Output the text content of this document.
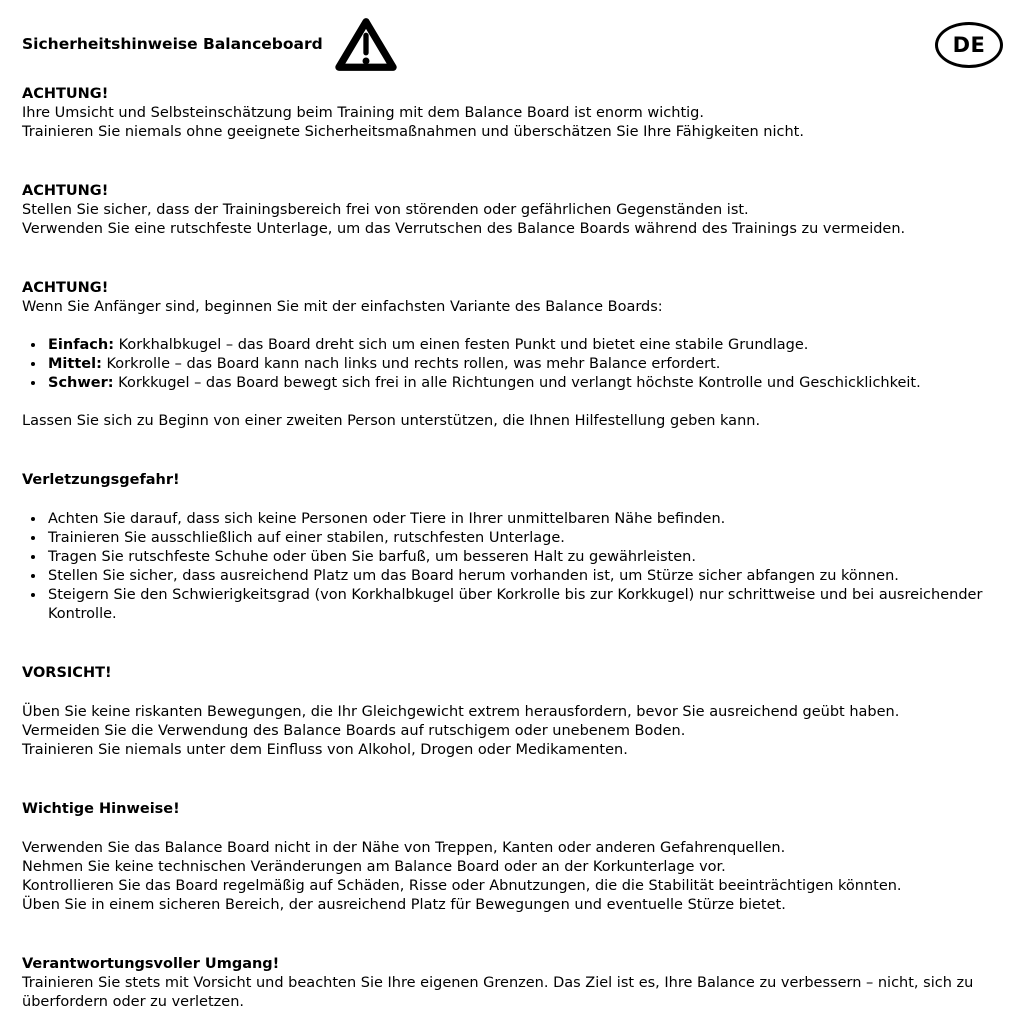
Sicherheitshinweise Balanceboard	DE
ACHTUNG!

Ihre Umsicht und Selbsteinschätzung beim Training mit dem Balance Board ist enorm wichtig.

Trainieren Sie niemals ohne geeignete Sicherheitsmaßnahmen und überschätzen Sie Ihre Fähigkeiten nicht.

ACHTUNG!

Stellen Sie sicher, dass der Trainingsbereich frei von störenden oder gefährlichen Gegenständen ist.

Verwenden Sie eine rutschfeste Unterlage, um das Verrutschen des Balance Boards während des Trainings zu vermeiden.

ACHTUNG!

Wenn Sie Anfänger sind, beginnen Sie mit der einfachsten Variante des Balance Boards:

• Einfach: Korkhalbkugel – das Board dreht sich um einen festen Punkt und bietet eine stabile Grundlage.
• Mittel: Korkrolle – das Board kann nach links und rechts rollen, was mehr Balance erfordert.
• Schwer: Korkkugel – das Board bewegt sich frei in alle Richtungen und verlangt höchste Kontrolle und Geschicklichkeit.

Lassen Sie sich zu Beginn von einer zweiten Person unterstützen, die Ihnen Hilfestellung geben kann.

Verletzungsgefahr!
• Achten Sie darauf, dass sich keine Personen oder Tiere in Ihrer unmittelbaren Nähe befinden.
• Trainieren Sie ausschließlich auf einer stabilen, rutschfesten Unterlage.
• Tragen Sie rutschfeste Schuhe oder üben Sie barfuß, um besseren Halt zu gewährleisten.
• Stellen Sie sicher, dass ausreichend Platz um das Board herum vorhanden ist, um Stürze sicher abfangen zu können.
• Steigern Sie den Schwierigkeitsgrad (von Korkhalbkugel über Korkrolle bis zur Korkkugel) nur schrittweise und bei ausreichender Kontrolle.
VORSICHT!

Üben Sie keine riskanten Bewegungen, die Ihr Gleichgewicht extrem herausfordern, bevor Sie ausreichend geübt haben.

Vermeiden Sie die Verwendung des Balance Boards auf rutschigem oder unebenem Boden.

Trainieren Sie niemals unter dem Einfluss von Alkohol, Drogen oder Medikamenten.

Wichtige Hinweise!

Verwenden Sie das Balance Board nicht in der Nähe von Treppen, Kanten oder anderen Gefahrenquellen.

Nehmen Sie keine technischen Veränderungen am Balance Board oder an der Korkunterlage vor.

Kontrollieren Sie das Board regelmäßig auf Schäden, Risse oder Abnutzungen, die die Stabilität beeinträchtigen könnten.

Üben Sie in einem sicheren Bereich, der ausreichend Platz für Bewegungen und eventuelle Stürze bietet.

Verantwortungsvoller Umgang!

Trainieren Sie stets mit Vorsicht und beachten Sie Ihre eigenen Grenzen. Das Ziel ist es, Ihre Balance zu verbessern – nicht, sich zu überfordern oder zu verletzen.
